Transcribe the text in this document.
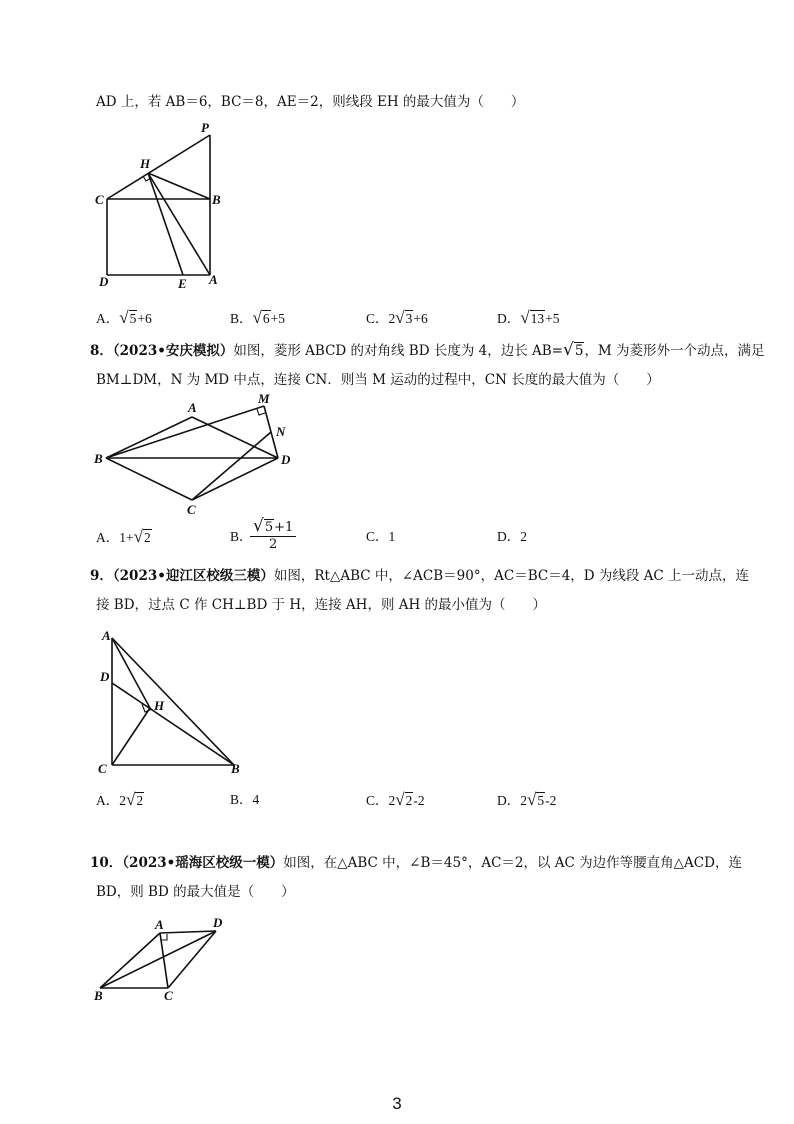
AD 上，若 AB＝6，BC＝8，AE＝2，则线段 EH 的最大值为（　　）
P
H
C	B
D	E A
A．√5+6	B．√6+5	C．2√3+6	D．√13+5
8．（2023•安庆模拟）如图，菱形 ABCD 的对角线 BD 长度为 4，边长 AB=√5，M 为菱形外一个动点，满足
BM⊥DM，N 为 MD 中点，连接 CN．则当 M 运动的过程中，CN 长度的最大值为（　　）
A
M
N
B	D
C
A．1+√2	B．
$\frac{√5+1}{2}$	C．1	D．2
9．（2023•迎江区校级三模）如图，Rt△ABC 中，∠ACB＝90°，AC＝BC＝4，D 为线段 AC 上一动点，连
接 BD，过点 C 作 CH⊥BD 于 H，连接 AH，则 AH 的最小值为（　　）
A
D
H
C	B
A．2√2	B．4	C．2√2-2	D．2√5-2
10．（2023•瑶海区校级一模）如图，在△ABC 中，∠B＝45°，AC＝2，以 AC 为边作等腰直角△ACD，连
BD，则 BD 的最大值是（　　）
A	D
B	C
3
